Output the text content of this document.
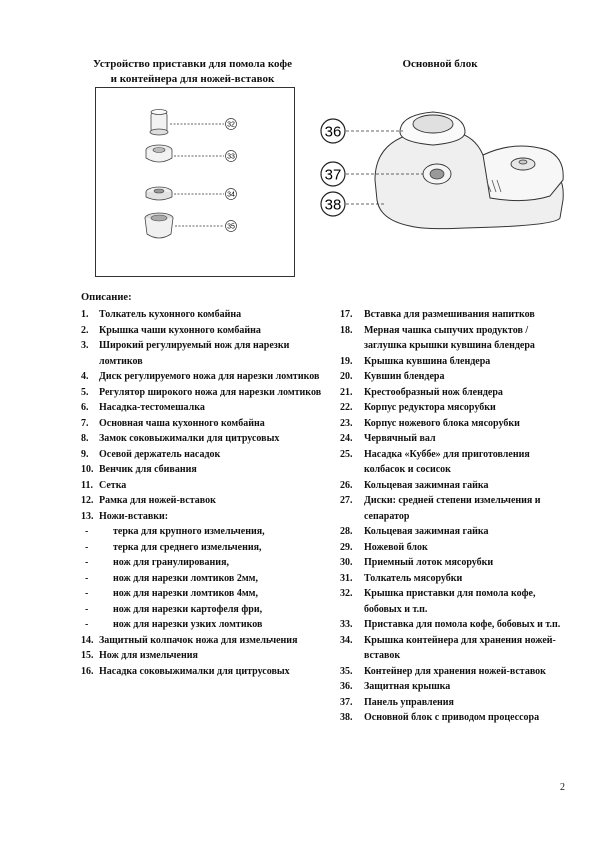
Устройство приставки для помола кофе
и контейнера для ножей-вставок
Основной блок
32
33
34
35
36
37
38
Описание:
1.	Толкатель кухонного комбайна
2.	Крышка чаши кухонного комбайна
3.	Широкий регулируемый нож для нарезки ломтиков
4.	Диск регулируемого ножа для нарезки ломтиков
5.	Регулятор широкого ножа для нарезки ломтиков
6.	Насадка-тестомешалка
7.	Основная чаша кухонного комбайна
8.	Замок соковыжималки для цитрусовых
9.	Осевой держатель насадок
10. Венчик для сбивания
11. Сетка
12. Рамка для ножей-вставок
13. Ножи-вставки:
-	терка для крупного измельчения,
-	терка для среднего измельчения,
-	нож для гранулирования,
-	нож для нарезки ломтиков 2мм,
-	нож для нарезки ломтиков 4мм,
-	нож для нарезки картофеля фри,
-	нож для нарезки узких ломтиков
14. Защитный колпачок ножа для измельчения
15. Нож для измельчения
16. Насадка соковыжималки для цитрусовых
17.	Вставка для размешивания напитков
18.	Мерная чашка сыпучих продуктов / заглушка крышки кувшина блендера
19.	Крышка кувшина блендера
20.	Кувшин блендера
21.	Крестообразный нож блендера
22.	Корпус редуктора мясорубки
23.	Корпус ножевого блока мясорубки
24.	Червячный вал
25.	Насадка «Куббе» для приготовления колбасок и сосисок
26.	Кольцевая зажимная гайка
27.	Диски: средней степени измельчения и сепаратор
28.	Кольцевая зажимная гайка
29.	Ножевой блок
30.	Приемный лоток мясорубки
31.	Толкатель мясорубки
32.	Крышка приставки для помола кофе, бобовых и т.п.
33.	Приставка для помола кофе, бобовых и т.п.
34.	Крышка контейнера для хранения ножей-вставок
35.	Контейнер для хранения ножей-вставок
36.	Защитная крышка
37.	Панель управления
38.	Основной блок с приводом процессора
2
